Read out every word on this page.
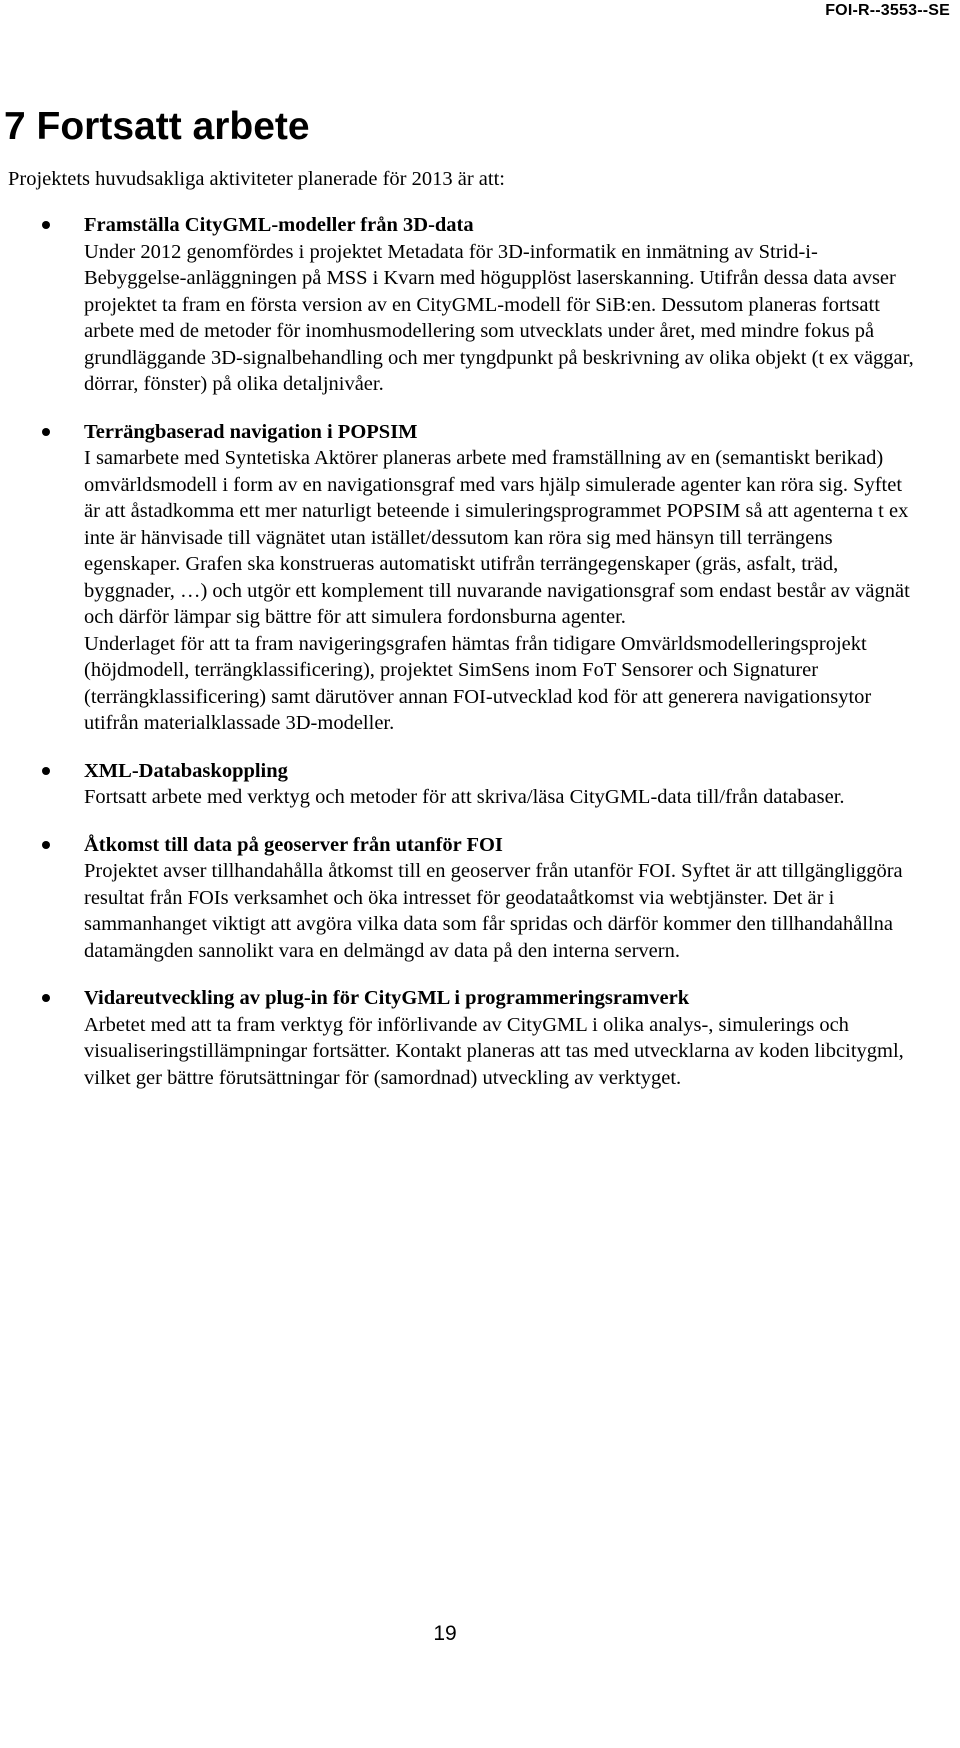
FOI-R--3553--SE
7 Fortsatt arbete

Projektets huvudsakliga aktiviteter planerade för 2013 är att:

Framställa CityGML-modeller från 3D-data
Under 2012 genomfördes i projektet Metadata för 3D-informatik en inmätning av Strid-i-Bebyggelse-anläggningen på MSS i Kvarn med högupplöst laserskanning. Utifrån dessa data avser projektet ta fram en första version av en CityGML-modell för SiB:en. Dessutom planeras fortsatt arbete med de metoder för inomhusmodellering som utvecklats under året, med mindre fokus på grundläggande 3D-signalbehandling och mer tyngdpunkt på beskrivning av olika objekt (t ex väggar, dörrar, fönster) på olika detaljnivåer.
Terrängbaserad navigation i POPSIM
I samarbete med Syntetiska Aktörer planeras arbete med framställning av en (semantiskt berikad) omvärldsmodell i form av en navigationsgraf med vars hjälp simulerade agenter kan röra sig. Syftet är att åstadkomma ett mer naturligt beteende i simuleringsprogrammet POPSIM så att agenterna t ex inte är hänvisade till vägnätet utan istället/dessutom kan röra sig med hänsyn till terrängens egenskaper. Grafen ska konstrueras automatiskt utifrån terrängegenskaper (gräs, asfalt, träd, byggnader, …) och utgör ett komplement till nuvarande navigationsgraf som endast består av vägnät och därför lämpar sig bättre för att simulera fordonsburna agenter.
Underlaget för att ta fram navigeringsgrafen hämtas från tidigare Omvärldsmodelleringsprojekt (höjdmodell, terrängklassificering), projektet SimSens inom FoT Sensorer och Signaturer (terrängklassificering) samt därutöver annan FOI-utvecklad kod för att generera navigationsytor utifrån materialklassade 3D-modeller.
XML-Databaskoppling
Fortsatt arbete med verktyg och metoder för att skriva/läsa CityGML-data till/från databaser.
Åtkomst till data på geoserver från utanför FOI
Projektet avser tillhandahålla åtkomst till en geoserver från utanför FOI. Syftet är att tillgängliggöra resultat från FOIs verksamhet och öka intresset för geodataåtkomst via webtjänster. Det är i sammanhanget viktigt att avgöra vilka data som får spridas och därför kommer den tillhandahållna datamängden sannolikt vara en delmängd av data på den interna servern.
Vidareutveckling av plug-in för CityGML i programmeringsramverk
Arbetet med att ta fram verktyg för införlivande av CityGML i olika analys-, simulerings och visualiseringstillämpningar fortsätter. Kontakt planeras att tas med utvecklarna av koden libcitygml, vilket ger bättre förutsättningar för (samordnad) utveckling av verktyget.
19
